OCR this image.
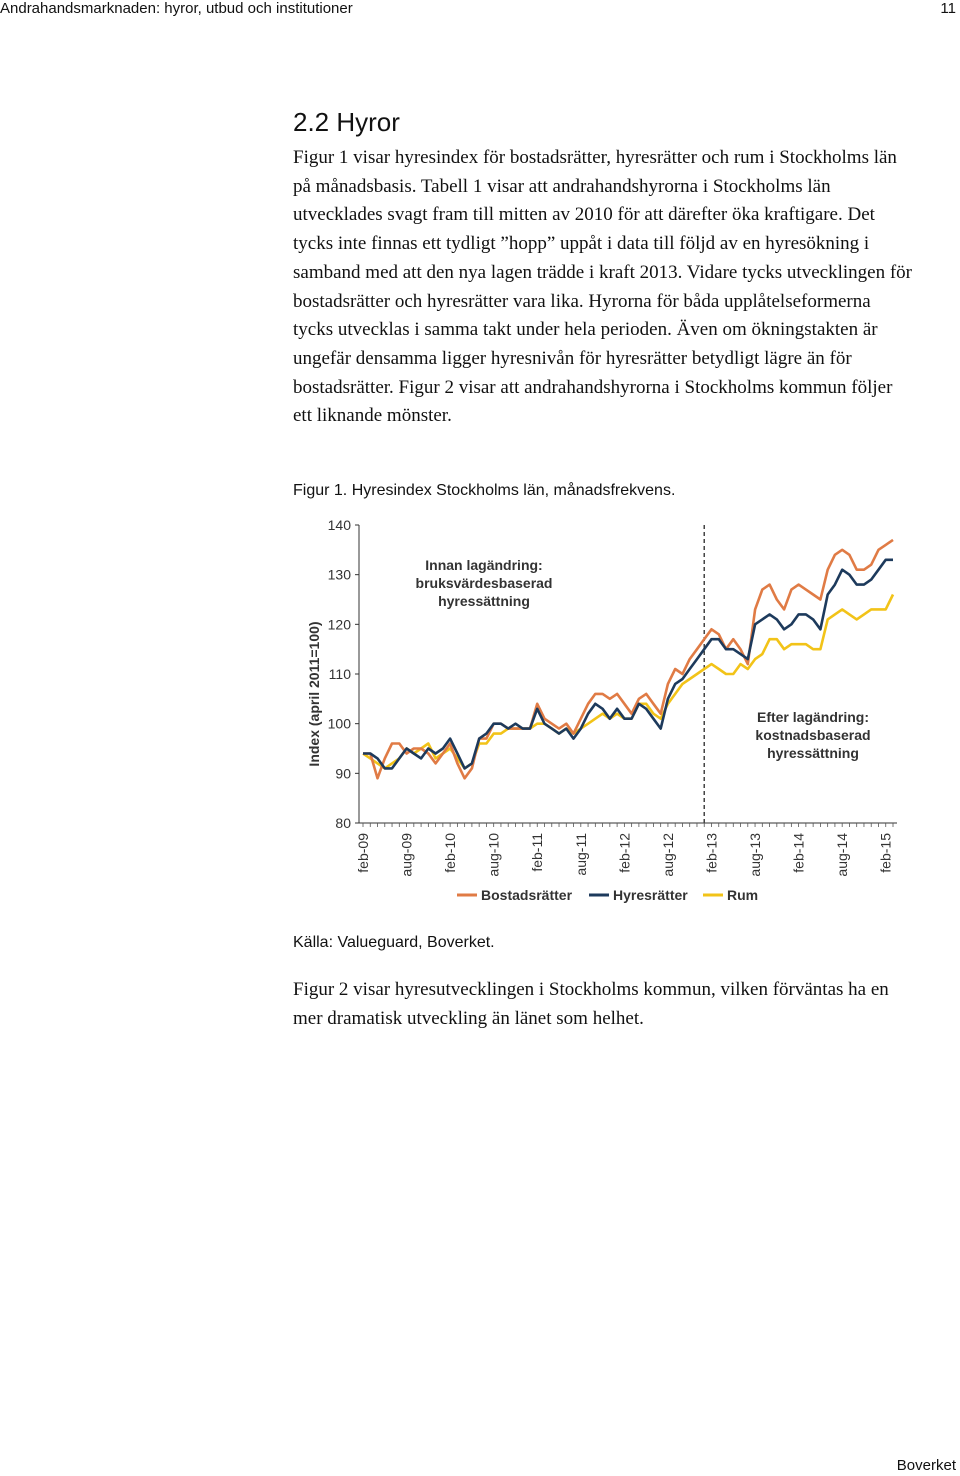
Andrahandsmarknaden: hyror, utbud och institutioner	11
2.2 Hyror

Figur 1 visar hyresindex för bostadsrätter, hyresrätter och rum i Stockholms län på månadsbasis. Tabell 1 visar att andrahandshyrorna i Stockholms län utvecklades svagt fram till mitten av 2010 för att därefter öka kraftigare. Det tycks inte finnas ett tydligt ”hopp” uppåt i data till följd av en hyresökning i samband med att den nya lagen trädde i kraft 2013. Vidare tycks utvecklingen för bostadsrätter och hyresrätter vara lika. Hyrorna för båda upplåtelseformerna tycks utvecklas i samma takt under hela perioden. Även om ökningstakten är ungefär densamma ligger hyresnivån för hyresrätter betydligt lägre än för bostadsrätter. Figur 2 visar att andrahandshyrorna i Stockholms kommun följer ett liknande mönster.

Figur 1. Hyresindex Stockholms län, månadsfrekvens.

80
90
100
110
120
130
140
Index (april 2011=100)
feb-09 aug-09 feb-10 aug-10 feb-11 aug-11 feb-12 aug-12 feb-13 aug-13 feb-14 aug-14 feb-15
Innan lagändring:
bruksvärdesbaserad
hyressättning
Efter lagändring:
kostnadsbaserad
hyressättning
Bostadsrätter	Hyresrätter	Rum

Källa: Valueguard, Boverket.

Figur 2 visar hyresutvecklingen i Stockholms kommun, vilken förväntas ha en mer dramatisk utveckling än länet som helhet.

Boverket
